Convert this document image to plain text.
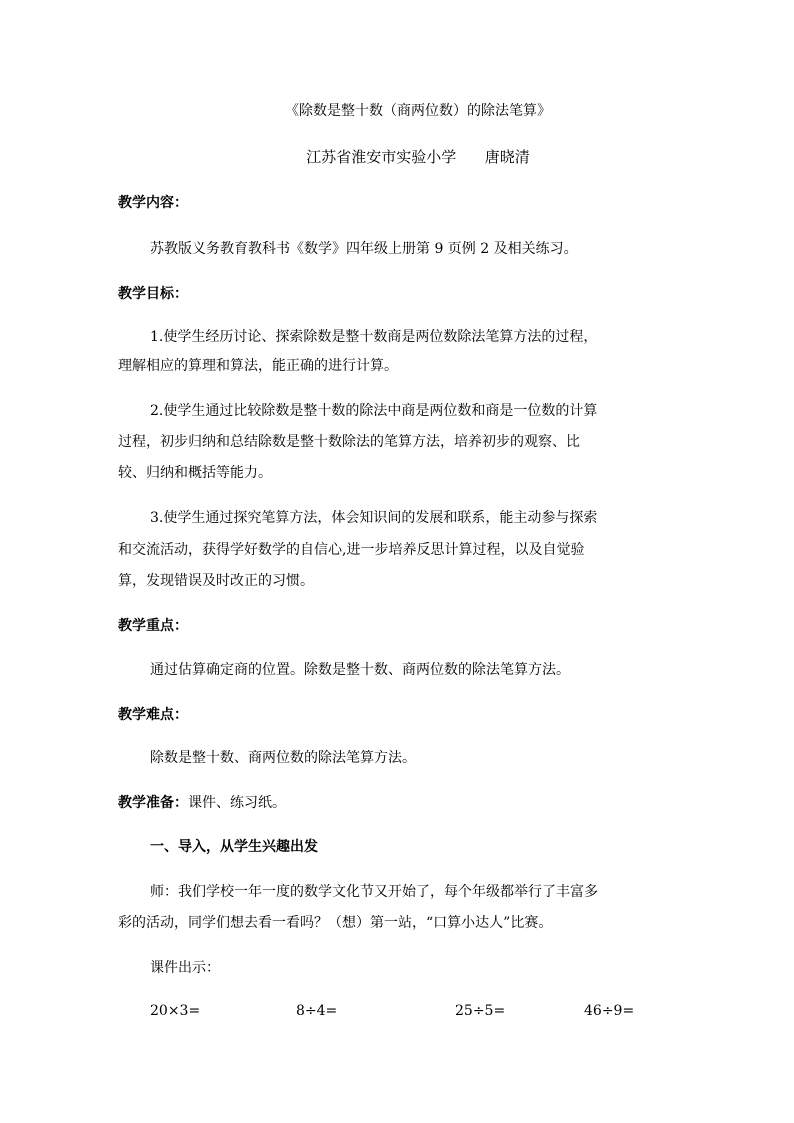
《除数是整十数（商两位数）的除法笔算》
江苏省淮安市实验小学      唐晓清
教学内容：
苏教版义务教育教科书《数学》四年级上册第 9 页例 2 及相关练习。
教学目标：
1.使学生经历讨论、探索除数是整十数商是两位数除法笔算方法的过程，
理解相应的算理和算法，能正确的进行计算。
2.使学生通过比较除数是整十数的除法中商是两位数和商是一位数的计算
过程，初步归纳和总结除数是整十数除法的笔算方法，培养初步的观察、比
较、归纳和概括等能力。
3.使学生通过探究笔算方法，体会知识间的发展和联系，能主动参与探索
和交流活动，获得学好数学的自信心,进一步培养反思计算过程，以及自觉验
算，发现错误及时改正的习惯。
教学重点：
通过估算确定商的位置。除数是整十数、商两位数的除法笔算方法。
教学难点：
除数是整十数、商两位数的除法笔算方法。
教学准备：课件、练习纸。
一、导入，从学生兴趣出发
师：我们学校一年一度的数学文化节又开始了，每个年级都举行了丰富多
彩的活动，同学们想去看一看吗？（想）第一站，“口算小达人”比赛。
课件出示：
20×3=	8÷4=	25÷5=	46÷9=
